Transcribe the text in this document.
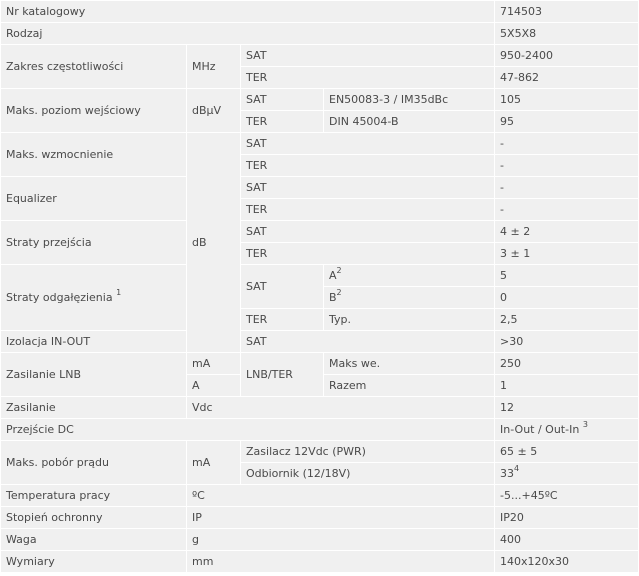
Nr katalogowy				714503
Rodzaj				5X5X8
Zakres częstotliwości	MHz	SAT		950-2400
		TER		47-862
Maks. poziom wejściowy	dBµV	SAT	EN50083-3 / IM35dBc	105
		TER	DIN 45004-B	95
Maks. wzmocnienie	dB	SAT		-
		TER		-
Equalizer		SAT		-
		TER		-
Straty przejścia		SAT		4 ± 2
		TER		3 ± 1
Straty odgałęzienia $^1$		SAT	$A^2$	5
			$B^2$	0
		TER	Typ.	2,5
Izolacja IN-OUT		SAT		>30
Zasilanie LNB	mA	LNB/TER	Maks we.	250
	A		Razem	1
Zasilanie	Vdc			12
Przejście DC				In-Out / Out-In $^3$
Maks. pobór prądu	mA	Zasilacz 12Vdc (PWR)		65 ± 5
		Odbiornik (12/18V)		$33^4$
Temperatura pracy	ºC			-5...+45ºC
Stopień ochronny	IP			IP20
Waga	g			400
Wymiary	mm			140x120x30
